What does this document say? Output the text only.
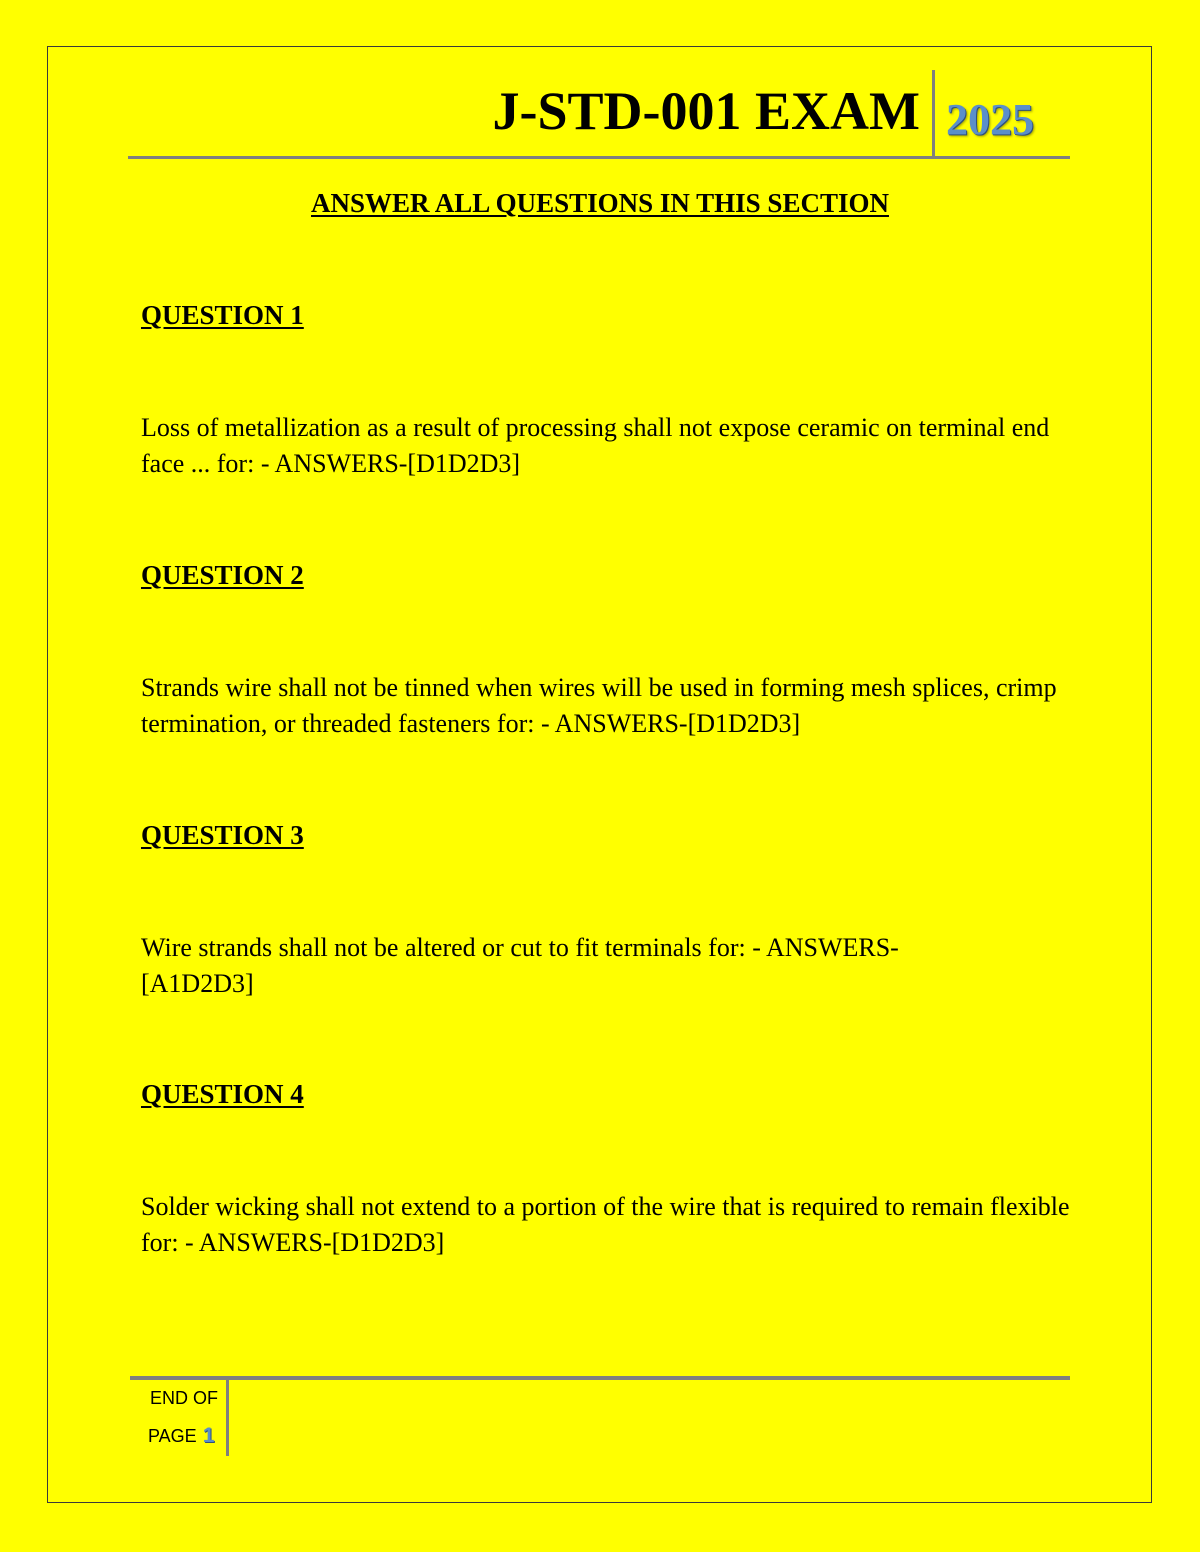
J-STD-001 EXAM 2025
ANSWER ALL QUESTIONS IN THIS SECTION

QUESTION 1

Loss of metallization as a result of processing shall not expose ceramic on terminal end face ... for: - ANSWERS-[D1D2D3]

QUESTION 2

Strands wire shall not be tinned when wires will be used in forming mesh splices, crimp termination, or threaded fasteners for: - ANSWERS-[D1D2D3]

QUESTION 3

Wire strands shall not be altered or cut to fit terminals for: - ANSWERS-[A1D2D3]

QUESTION 4

Solder wicking shall not extend to a portion of the wire that is required to remain flexible for: - ANSWERS-[D1D2D3]

END OF
PAGE 1
